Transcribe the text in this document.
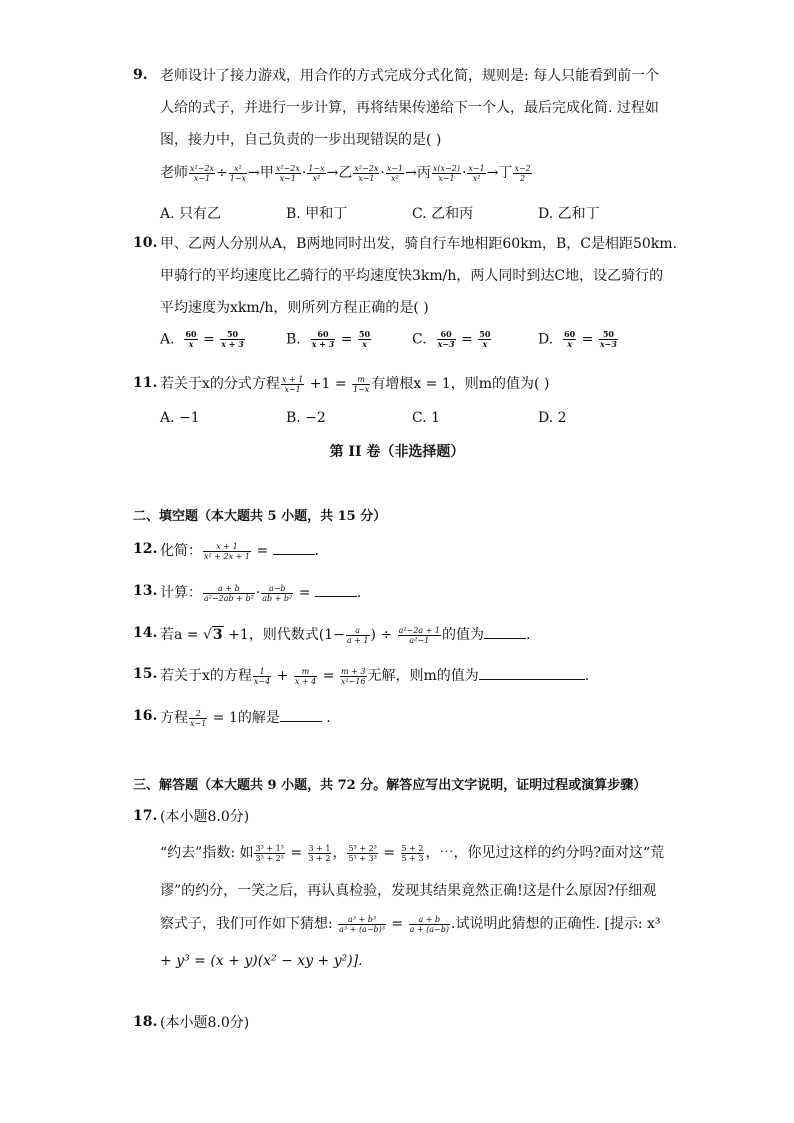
9. 老师设计了接力游戏，用合作的方式完成分式化简，规则是: 每人只能看到前一个
人给的式子，并进行一步计算，再将结果传递给下一个人，最后完成化简. 过程如
图，接力中，自己负责的一步出现错误的是( )
老师 $\frac{\text{x²−2x}}{x-1} \div \frac{\text{x²}}{1-x}$ →甲 $\frac{\text{x²−2x}}{x-1} \cdot \frac{1-x}{\text{x²}}$ →乙 $\frac{\text{x²−2x}}{x-1} \cdot \frac{x-1}{\text{x²}}$ →丙 $\frac{x(x-2)}{x-1} \cdot \frac{x-1}{\text{x²}}$ →丁 $\frac{x-2}{2}$
A. 只有乙	B. 甲和丁	C. 乙和丙	D. 乙和丁
10. 甲、乙两人分别从A，B两地同时出发，骑自行车地相距60km，B，C是相距50km.
甲骑行的平均速度比乙骑行的平均速度快3km/h，两人同时到达C地，设乙骑行的
平均速度为xkm/h，则所列方程正确的是( )
A. $\frac{60}{x} = \frac{50}{x + 3}$	B. $\frac{60}{x + 3} = \frac{50}{x}$	C. $\frac{60}{x-3} = \frac{50}{x}$	D. $\frac{60}{x} = \frac{50}{x-3}$
11. 若关于x的分式方程 $\frac{x + 1}{x-1} +1 = \frac{m}{1-x}$ 有增根x = 1，则m的值为( )
A. −1	B. −2	C. 1	D. 2
第 II 卷（非选择题）
二、填空题（本大题共 5 小题，共 15 分）
12. 化简： $\frac{x + 1}{\text{x² + 2x + 1}}$ =	.
13. 计算： $\frac{a + b}{\text{a²−2ab + b²}} \cdot \frac{a-b}{\text{ab + b²}}$ =	.
14. 若a = √3 +1，则代数式($1- \frac{a}{a + 1}$ ) ÷ $\frac{\text{a²−2a + 1}}{\text{a²−1}}$ 的值为	.
15. 若关于x的方程 $\frac{1}{x-4} + \frac{m}{x + 4} = \frac{m + 3}{\text{x²−16}}$ 无解，则m的值为	.
16. 方程 $\frac{2}{x-1} = 1$的解是	.
三、解答题（本大题共 9 小题，共 72 分。解答应写出文字说明，证明过程或演算步骤）
17. (本小题8.0分)
“约去”指数: 如 $\frac{\text{3³ + 1³}}{\text{3³ + 2³}} = \frac{3 + 1}{3 + 2}$ ， $\frac{\text{5³ + 2³}}{\text{5³ + 3³}} = \frac{5 + 2}{5 + 3}$ ，⋯，你见过这样的约分吗?面对这“荒
谬”的约分，一笑之后，再认真检验，发现其结果竟然正确!这是什么原因?仔细观
察式子，我们可作如下猜想: $\frac{\text{a³ + b³}}{\text{a³ + (a−b)³}} = \frac{a + b}{a + (a-b)}$ .试说明此猜想的正确性. [提示: x³
+ y³ = (x + y)(x² − xy + y²)].
18. (本小题8.0分)
